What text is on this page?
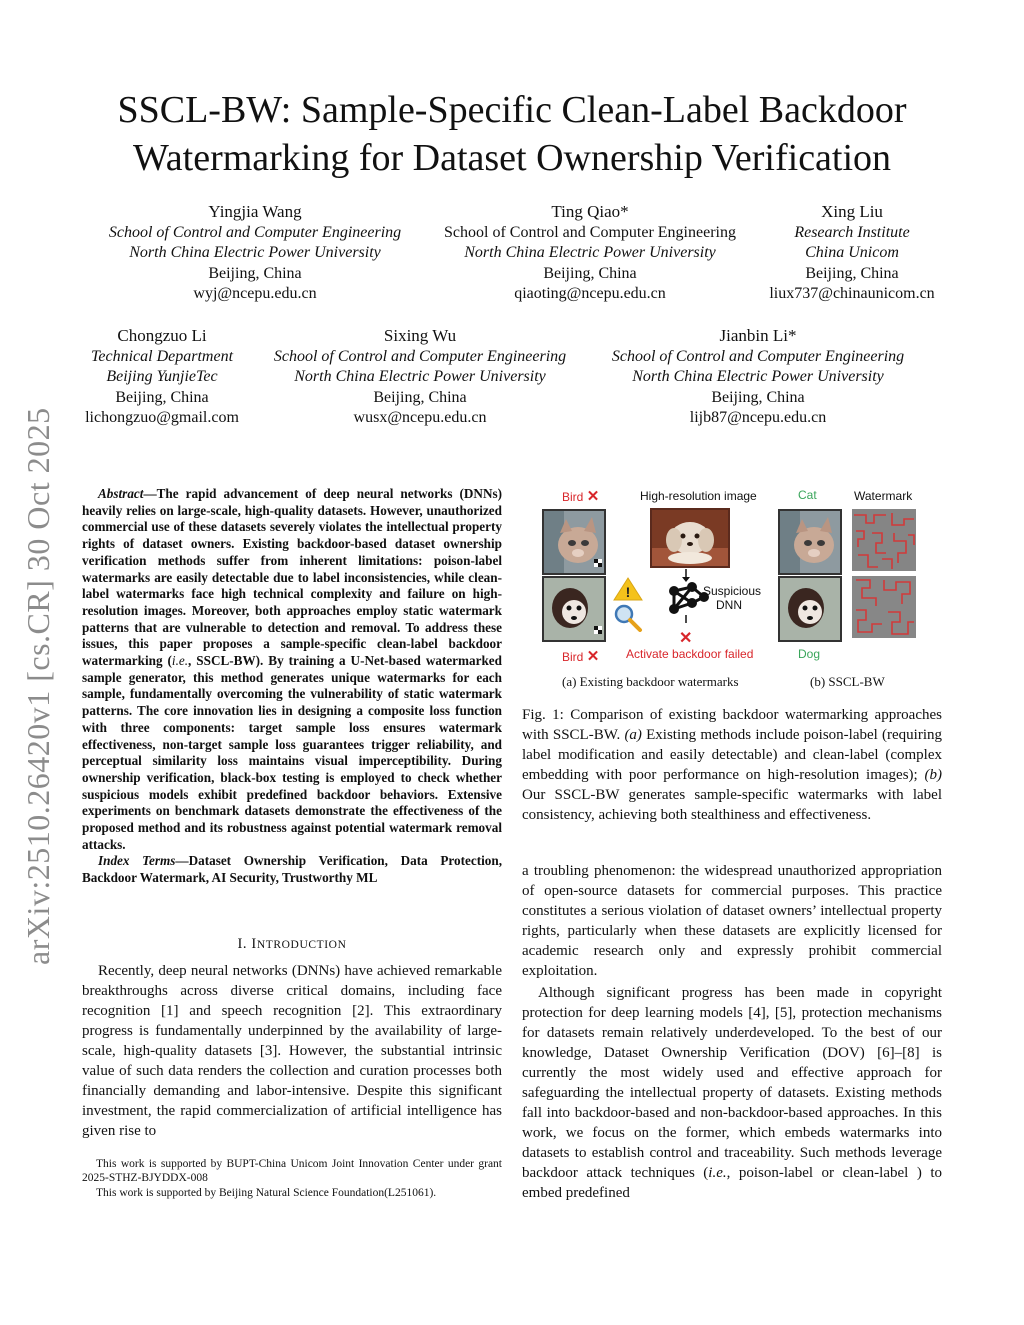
arXiv:2510.26420v1 [cs.CR] 30 Oct 2025
SSCL-BW: Sample-Specific Clean-Label Backdoor
Watermarking for Dataset Ownership Verification
Yingjia Wang
School of Control and Computer Engineering
North China Electric Power University
Beijing, China
wyj@ncepu.edu.cn
Ting Qiao*
School of Control and Computer Engineering
North China Electric Power University
Beijing, China
qiaoting@ncepu.edu.cn
Xing Liu
Research Institute
China Unicom
Beijing, China
liux737@chinaunicom.cn
Chongzuo Li
Technical Department
Beijing YunjieTec
Beijing, China
lichongzuo@gmail.com
Sixing Wu
School of Control and Computer Engineering
North China Electric Power University
Beijing, China
wusx@ncepu.edu.cn
Jianbin Li*
School of Control and Computer Engineering
North China Electric Power University
Beijing, China
lijb87@ncepu.edu.cn
Abstract—The rapid advancement of deep neural networks (DNNs) heavily relies on large-scale, high-quality datasets. However, unauthorized commercial use of these datasets severely violates the intellectual property rights of dataset owners. Existing backdoor-based dataset ownership verification methods suffer from inherent limitations: poison-label watermarks are easily detectable due to label inconsistencies, while clean-label watermarks face high technical complexity and failure on high-resolution images. Moreover, both approaches employ static watermark patterns that are vulnerable to detection and removal. To address these issues, this paper proposes a sample-specific clean-label backdoor watermarking (i.e., SSCL-BW). By training a U-Net-based watermarked sample generator, this method generates unique watermarks for each sample, fundamentally overcoming the vulnerability of static watermark patterns. The core innovation lies in designing a composite loss function with three components: target sample loss ensures watermark effectiveness, non-target sample loss guarantees trigger reliability, and perceptual similarity loss maintains visual imperceptibility. During ownership verification, black-box testing is employed to check whether suspicious models exhibit predefined backdoor behaviors. Extensive experiments on benchmark datasets demonstrate the effectiveness of the proposed method and its robustness against potential watermark removal attacks.
Index Terms—Dataset Ownership Verification, Data Protection, Backdoor Watermark, AI Security, Trustworthy ML
I. INTRODUCTION
Recently, deep neural networks (DNNs) have achieved remarkable breakthroughs across diverse critical domains, including face recognition [1] and speech recognition [2]. This extraordinary progress is fundamentally underpinned by the availability of large-scale, high-quality datasets [3]. However, the substantial intrinsic value of such data renders the collection and curation processes both financially demanding and labor-intensive. Despite this significant investment, the rapid commercialization of artificial intelligence has given rise to

This work is supported by BUPT-China Unicom Joint Innovation Center under grant 2025-STHZ-BJYDDX-008

This work is supported by Beijing Natural Science Foundation(L251061).

Bird ✕	High-resolution image
!	Suspicious
DNN
✕
Bird ✕ Activate backdoor failed
Cat	Watermark
Dog
(a) Existing backdoor watermarks	(b) SSCL-BW
Fig. 1: Comparison of existing backdoor watermarking approaches with SSCL-BW. (a) Existing methods include poison-label (requiring label modification and easily detectable) and clean-label (complex embedding with poor performance on high-resolution images); (b) Our SSCL-BW generates sample-specific watermarks with label consistency, achieving both stealthiness and effectiveness.
a troubling phenomenon: the widespread unauthorized appropriation of open-source datasets for commercial purposes. This practice constitutes a serious violation of dataset owners’ intellectual property rights, particularly when these datasets are explicitly licensed for academic research only and expressly prohibit commercial exploitation.
Although significant progress has been made in copyright protection for deep learning models [4], [5], protection mechanisms for datasets remain relatively underdeveloped. To the best of our knowledge, Dataset Ownership Verification (DOV) [6]–[8] is currently the most widely used and effective approach for safeguarding the intellectual property of datasets. Existing methods fall into backdoor-based and non-backdoor-based approaches. In this work, we focus on the former, which embeds watermarks into datasets to establish control and traceability. Such methods leverage backdoor attack techniques (i.e., poison-label or clean-label ) to embed predefined
